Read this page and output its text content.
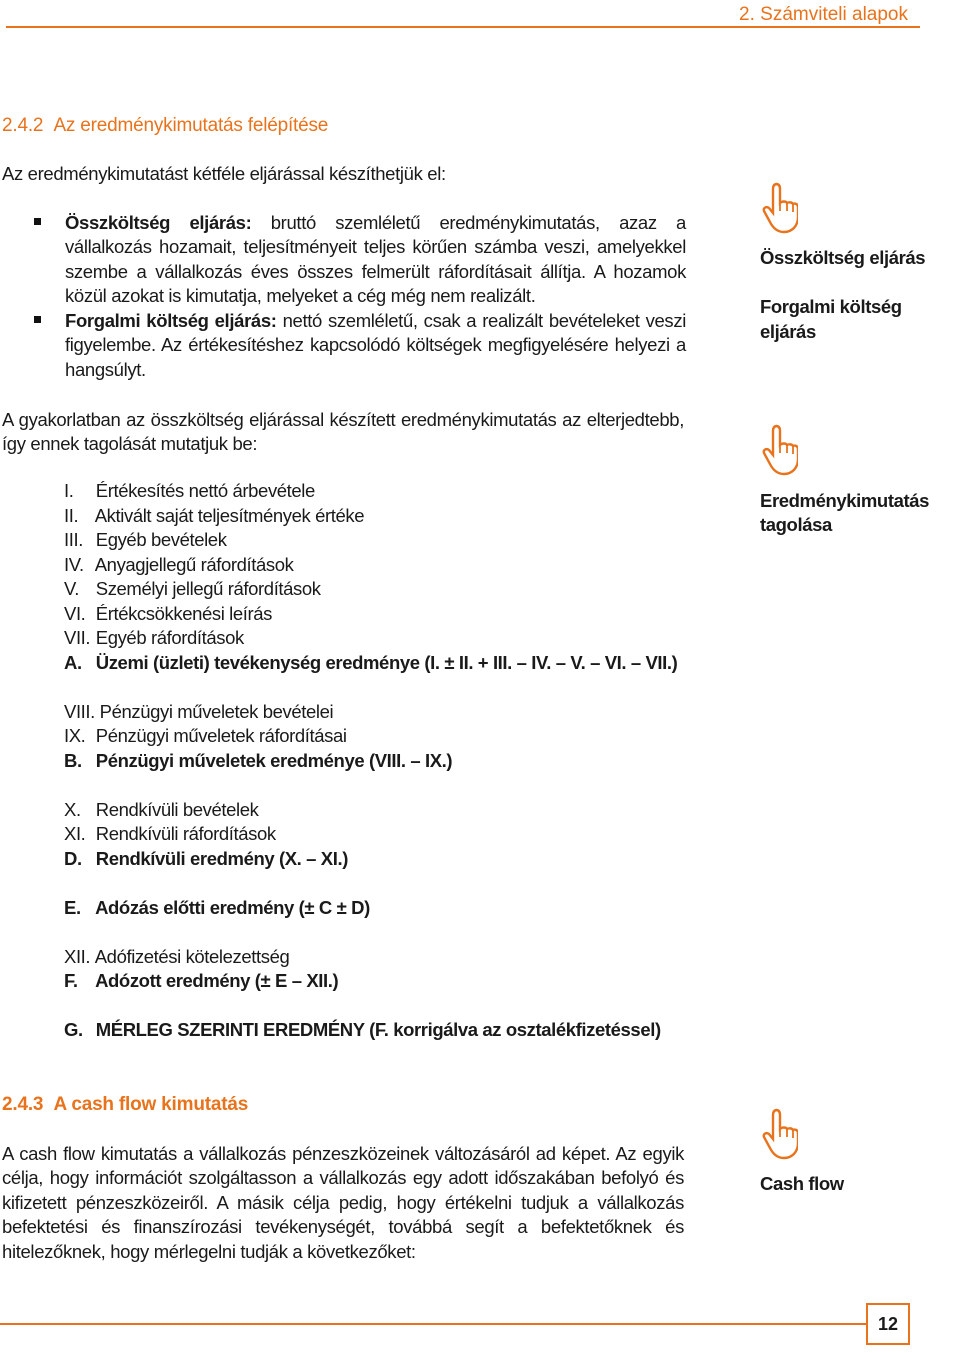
2. Számviteli alapok
2.4.2 Az eredménykimutatás felépítése
Az eredménykimutatást kétféle eljárással készíthetjük el:
Összköltség eljárás: bruttó szemléletű eredménykimutatás, azaz a vállalkozás hozamait, teljesítményeit teljes körűen számba veszi, amelyekkel szembe a vállalkozás éves összes felmerült ráfordításait állítja. A hozamok közül azokat is kimutatja, melyeket a cég még nem realizált.
Forgalmi költség eljárás: nettó szemléletű, csak a realizált bevételeket veszi figyelembe. Az értékesítéshez kapcsolódó költségek megfigyelésére helyezi a hangsúlyt.
A gyakorlatban az összköltség eljárással készített eredménykimutatás az elterjedtebb, így ennek tagolását mutatjuk be:
I. Értékesítés nettó árbevétele
II. Aktivált saját teljesítmények értéke
III. Egyéb bevételek
IV. Anyagjellegű ráfordítások
V. Személyi jellegű ráfordítások
VI. Értékcsökkenési leírás
VII. Egyéb ráfordítások
A. Üzemi (üzleti) tevékenység eredménye (I. ± II. + III. – IV. – V. – VI. – VII.)
VIII. Pénzügyi műveletek bevételei
IX. Pénzügyi műveletek ráfordításai
B. Pénzügyi műveletek eredménye (VIII. – IX.)
X. Rendkívüli bevételek
XI. Rendkívüli ráfordítások
D. Rendkívüli eredmény (X. – XI.)
E. Adózás előtti eredmény (± C ± D)
XII. Adófizetési kötelezettség
F. Adózott eredmény (± E – XII.)
G. MÉRLEG SZERINTI EREDMÉNY (F. korrigálva az osztalékfizetéssel)
2.4.3 A cash flow kimutatás
A cash flow kimutatás a vállalkozás pénzeszközeinek változásáról ad képet. Az egyik célja, hogy információt szolgáltasson a vállalkozás egy adott időszakában befolyó és kifizetett pénzeszközeiről. A másik célja pedig, hogy értékelni tudjuk a vállalkozás befektetési és finanszírozási tevékenységét, továbbá segít a befektetőknek és hitelezőknek, hogy mérlegelni tudják a következőket:
Összköltség eljárás
Forgalmi költség eljárás
Eredménykimutatás
tagolása
Cash flow
12
